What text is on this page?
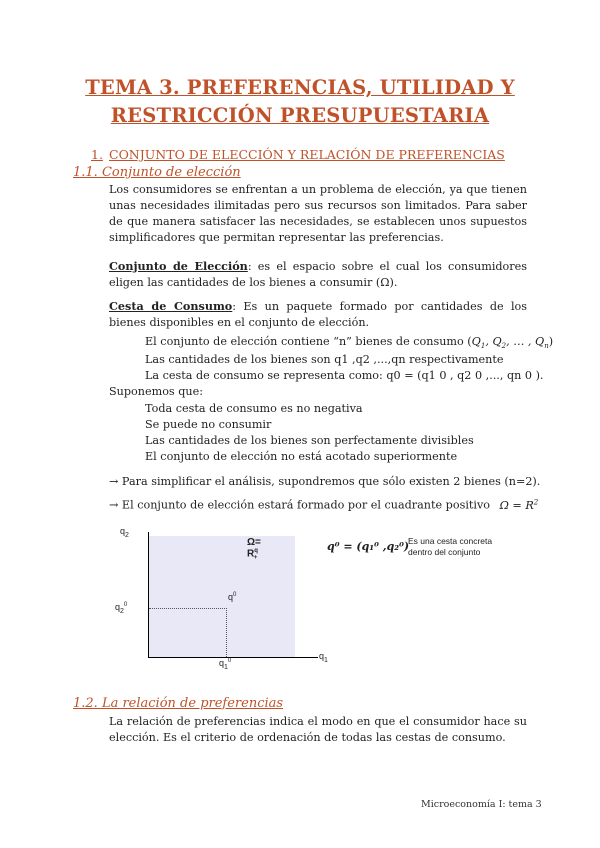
TEMA 3. PREFERENCIAS, UTILIDAD Y
RESTRICCIÓN PRESUPUESTARIA
1. CONJUNTO DE ELECCIÓN Y RELACIÓN DE PREFERENCIAS
1.1. Conjunto de elección
Los consumidores se enfrentan a un problema de elección, ya que tienen unas necesidades ilimitadas pero sus recursos son limitados. Para saber de que manera satisfacer las necesidades, se establecen unos supuestos simplificadores que permitan representar las preferencias.
Conjunto de Elección: es el espacio sobre el cual los consumidores eligen las cantidades de los bienes a consumir (Ω).
Cesta de Consumo: Es un paquete formado por cantidades de los bienes disponibles en el conjunto de elección.
El conjunto de elección contiene “n” bienes de consumo ($Q_1$, $Q_2$, … , $Q_n$)
Las cantidades de los bienes son q1 ,q2 ,...,qn respectivamente
La cesta de consumo se representa como: q0 = (q1 0 , q2 0 ,..., qn 0 ).
Suponemos que:
Toda cesta de consumo es no negativa
Se puede no consumir
Las cantidades de los bienes son perfectamente divisibles
El conjunto de elección no está acotado superiormente
→ Para simplificar el análisis, supondremos que sólo existen 2 bienes (n=2).
→ El conjunto de elección estará formado por el cuadrante positivo $\Omega = R^2$
$q_2$
$q_1$
$\Omega= R^q_+$
$q^0$
$q_2^0$
$q_1^0$
q⁰ = (q₁⁰ ,q₂⁰)
Es una cesta concreta
dentro del conjunto
1.2. La relación de preferencias
La relación de preferencias indica el modo en que el consumidor hace su elección. Es el criterio de ordenación de todas las cestas de consumo.
Microeconomía I: tema 3
